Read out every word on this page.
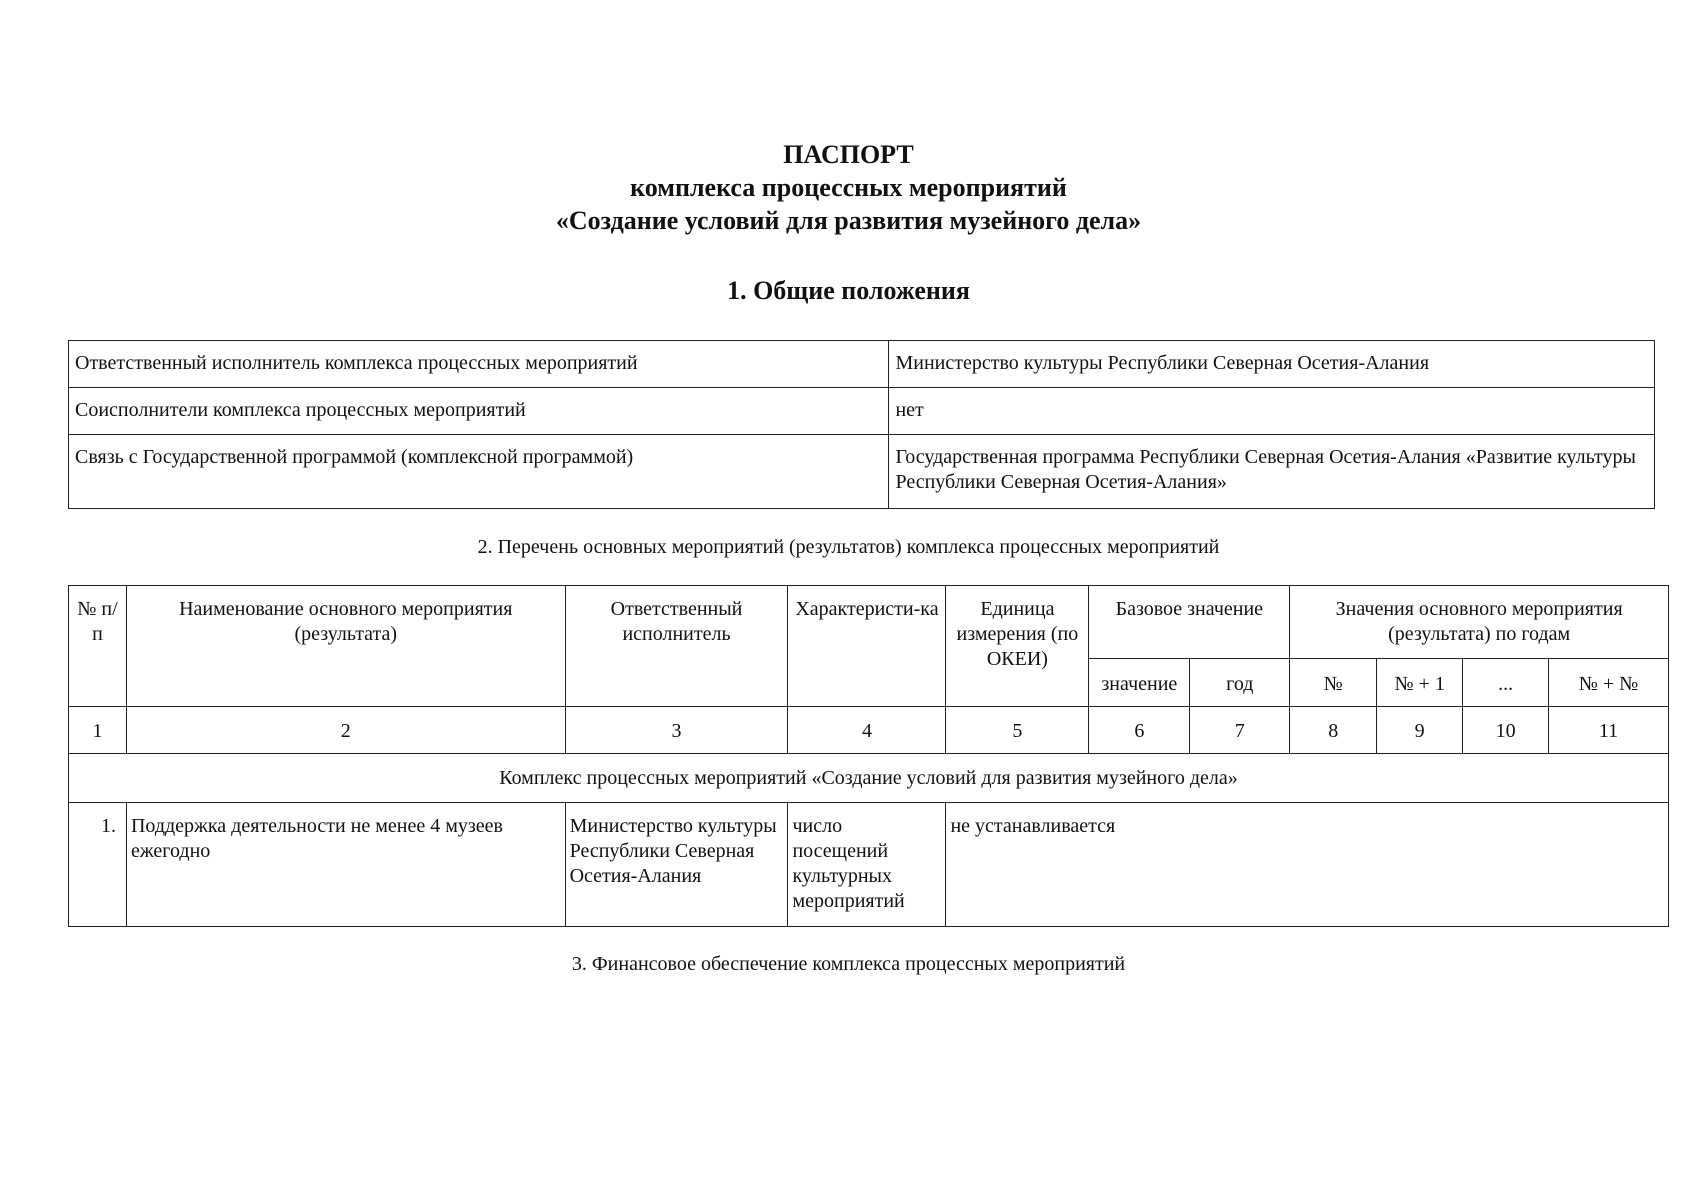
ПАСПОРТ
комплекса процессных мероприятий
«Создание условий для развития музейного дела»
1. Общие положения
Ответственный исполнитель комплекса процессных мероприятий	Министерство культуры Республики Северная Осетия-Алания
Соисполнители комплекса процессных мероприятий	нет
Связь с Государственной программой (комплексной программой)	Государственная программа Республики Северная Осетия-Алания «Развитие культуры Республики Северная Осетия-Алания»
2. Перечень основных мероприятий (результатов) комплекса процессных мероприятий
№ п/п	Наименование основного мероприятия (результата)	Ответственный исполнитель	Характеристи-ка	Единица измерения (по ОКЕИ)	Базовое значение		Значения основного мероприятия (результата) по годам			
					значение	год	№	№ + 1	...	№ + №
1	2	3	4	5	6	7	8	9	10	11
Комплекс процессных мероприятий «Создание условий для развития музейного дела»										
1.	Поддержка деятельности не менее 4 музеев ежегодно	Министерство культуры Республики Северная Осетия-Алания	число посещений культурных мероприятий	не устанавливается						
3. Финансовое обеспечение комплекса процессных мероприятий
